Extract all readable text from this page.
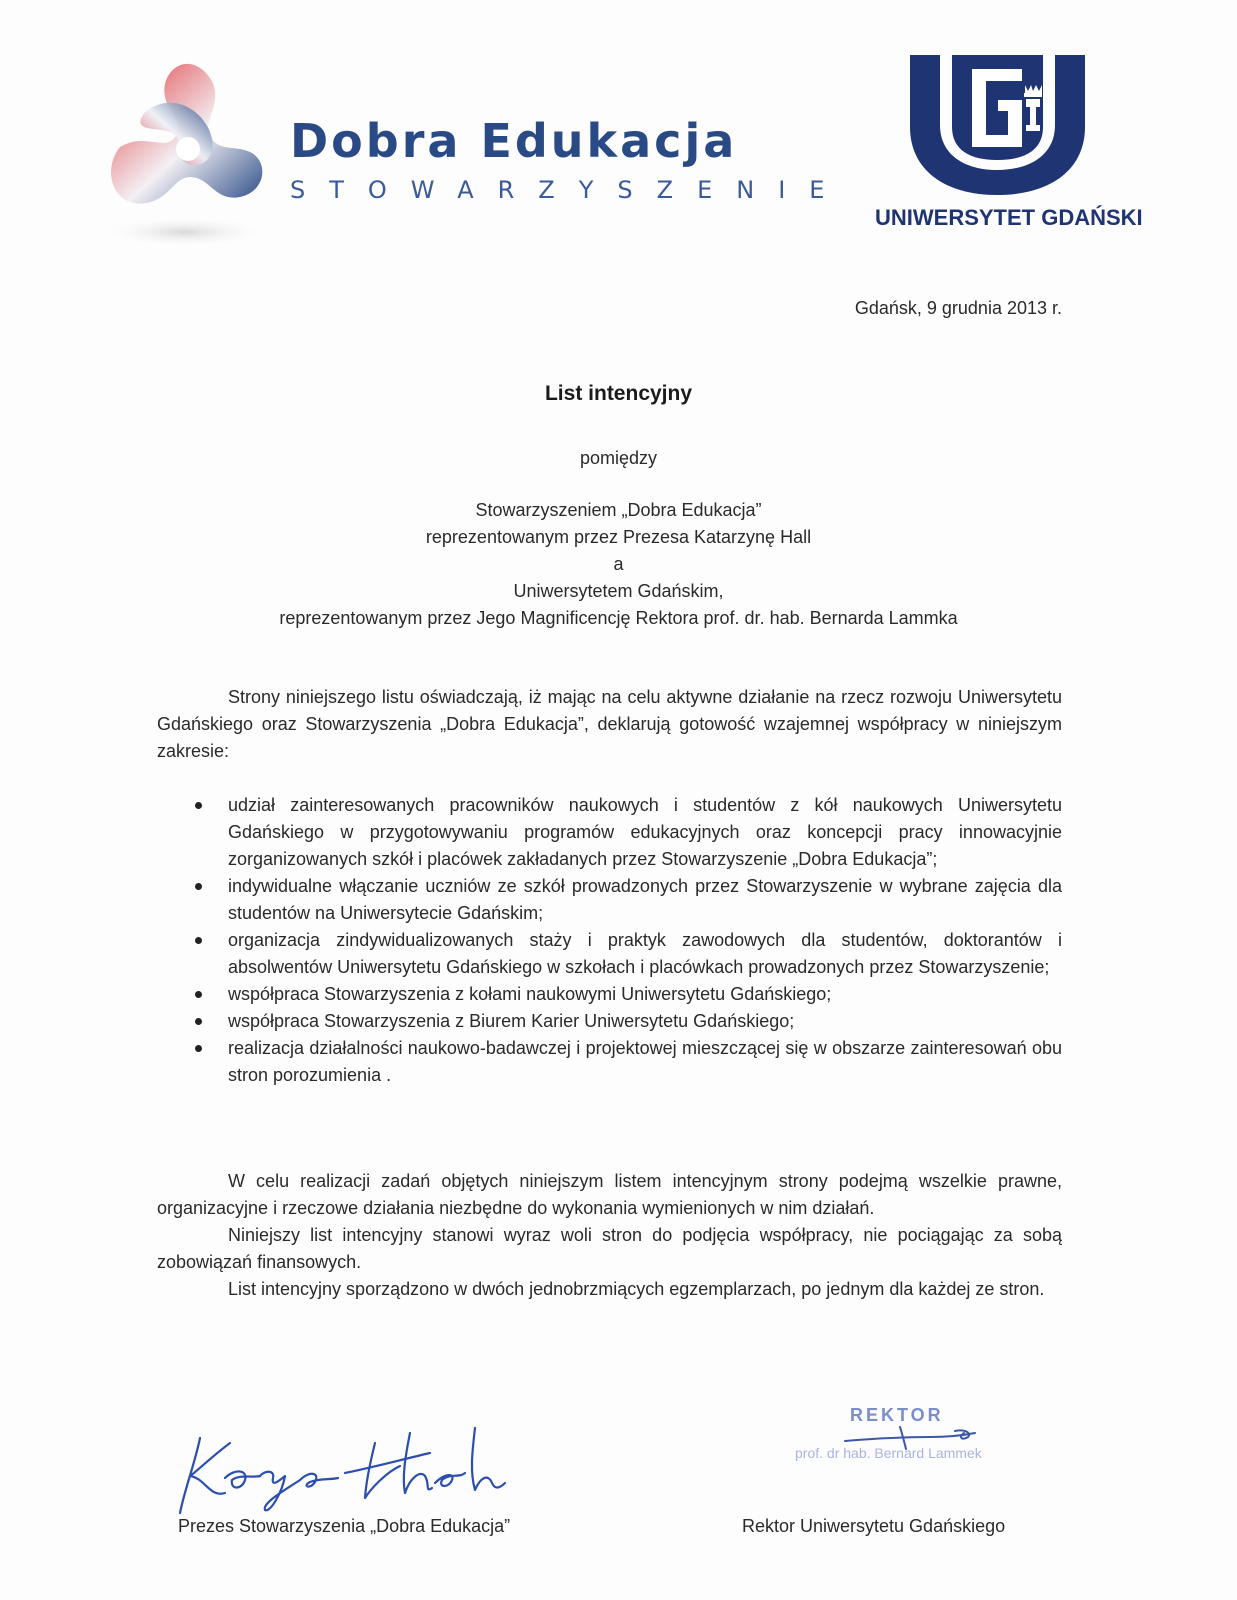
Dobra Edukacja
STOWARZYSZENIE
UNIWERSYTET GDAŃSKI
Gdańsk, 9 grudnia 2013 r.
List intencyjny
pomiędzy
Stowarzyszeniem „Dobra Edukacja”
reprezentowanym przez Prezesa Katarzynę Hall
a
Uniwersytetem Gdańskim,
reprezentowanym przez Jego Magnificencję Rektora prof. dr. hab. Bernarda Lammka

Strony niniejszego listu oświadczają, iż mając na celu aktywne działanie na rzecz rozwoju Uniwersytetu Gdańskiego oraz Stowarzyszenia „Dobra Edukacja”, deklarują gotowość wzajemnej współpracy w niniejszym zakresie:

udział zainteresowanych pracowników naukowych i studentów z kół naukowych Uniwersytetu Gdańskiego w przygotowywaniu programów edukacyjnych oraz koncepcji pracy innowacyjnie zorganizowanych szkół i placówek zakładanych przez Stowarzyszenie „Dobra Edukacja”;
indywidualne włączanie uczniów ze szkół prowadzonych przez Stowarzyszenie w wybrane zajęcia dla studentów na Uniwersytecie Gdańskim;
organizacja zindywidualizowanych staży i praktyk zawodowych dla studentów, doktorantów i absolwentów Uniwersytetu Gdańskiego w szkołach i placówkach prowadzonych przez Stowarzyszenie;
współpraca Stowarzyszenia z kołami naukowymi Uniwersytetu Gdańskiego;
współpraca Stowarzyszenia z Biurem Karier Uniwersytetu Gdańskiego;
realizacja działalności naukowo-badawczej i projektowej mieszczącej się w obszarze zainteresowań obu stron porozumienia .

W celu realizacji zadań objętych niniejszym listem intencyjnym strony podejmą wszelkie prawne, organizacyjne i rzeczowe działania niezbędne do wykonania wymienionych w nim działań.

Niniejszy list intencyjny stanowi wyraz woli stron do podjęcia współpracy, nie pociągając za sobą zobowiązań finansowych.

List intencyjny sporządzono w dwóch jednobrzmiących egzemplarzach, po jednym dla każdej ze stron.

REKTOR
prof. dr hab. Bernard Lammek
Prezes Stowarzyszenia „Dobra Edukacja”	Rektor Uniwersytetu Gdańskiego
